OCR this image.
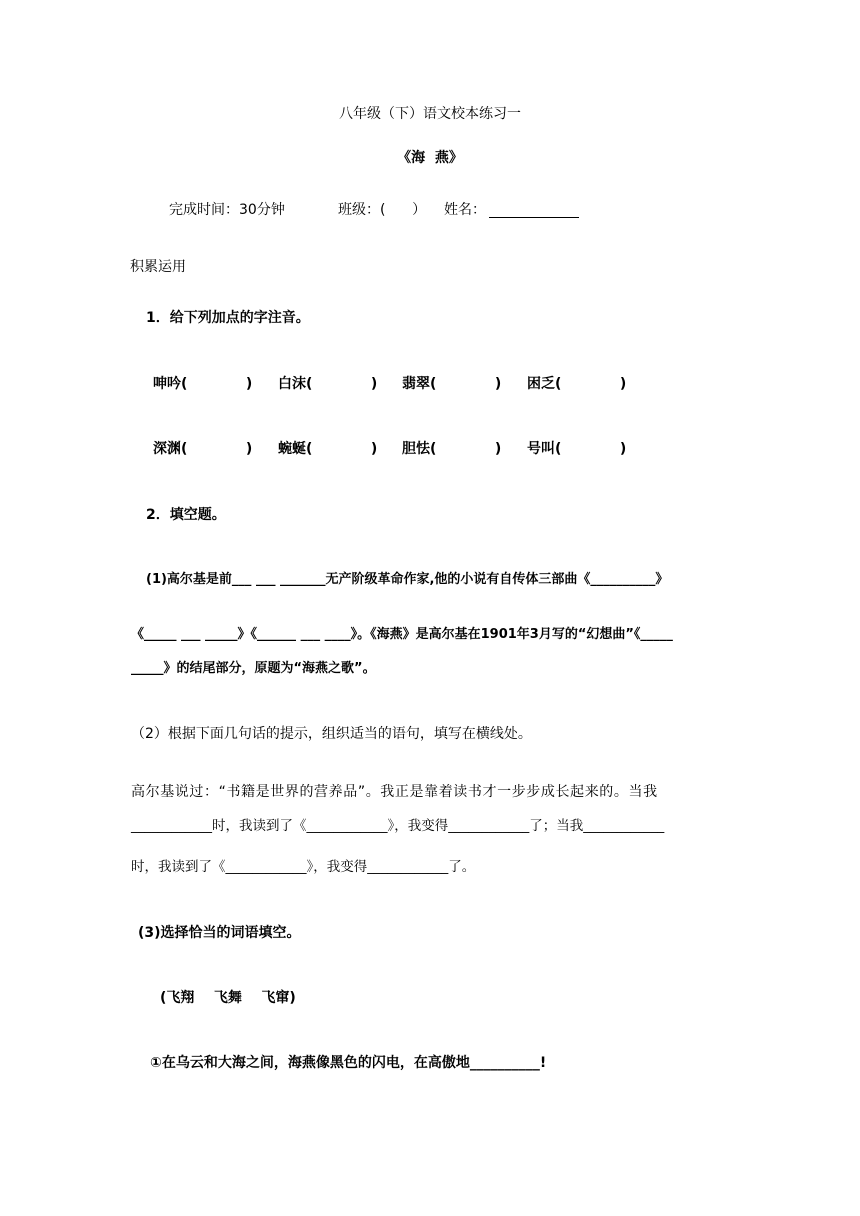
八年级（下）语文校本练习一
《海  燕》
完成时间：30分钟	班级：(      ） 姓名：
积累运用
1．给下列加点的字注音。
呻吟(            ) 白沫(            ) 翡翠(            ) 困乏(            )
深渊(            ) 蜿蜒(            ) 胆怯(            ) 号叫(            )
2．填空题。
(1)高尔基是前___ ___ _______无产阶级革命作家,他的小说有自传体三部曲《__________》
《_____ ___ _____》《______ ___ ____》。《海燕》是高尔基在1901年3月写的“幻想曲”《_____
_____》的结尾部分，原题为“海燕之歌”。
（2）根据下面几句话的提示，组织适当的语句，填写在横线处。
高尔基说过：“书籍是世界的营养品”。我正是靠着读书才一步步成长起来的。当我
____________时，我读到了《____________》，我变得____________了；当我____________
时，我读到了《____________》，我变得____________了。
(3)选择恰当的词语填空。
(飞翔    飞舞    飞窜)
①在乌云和大海之间，海燕像黑色的闪电，在高傲地__________!
